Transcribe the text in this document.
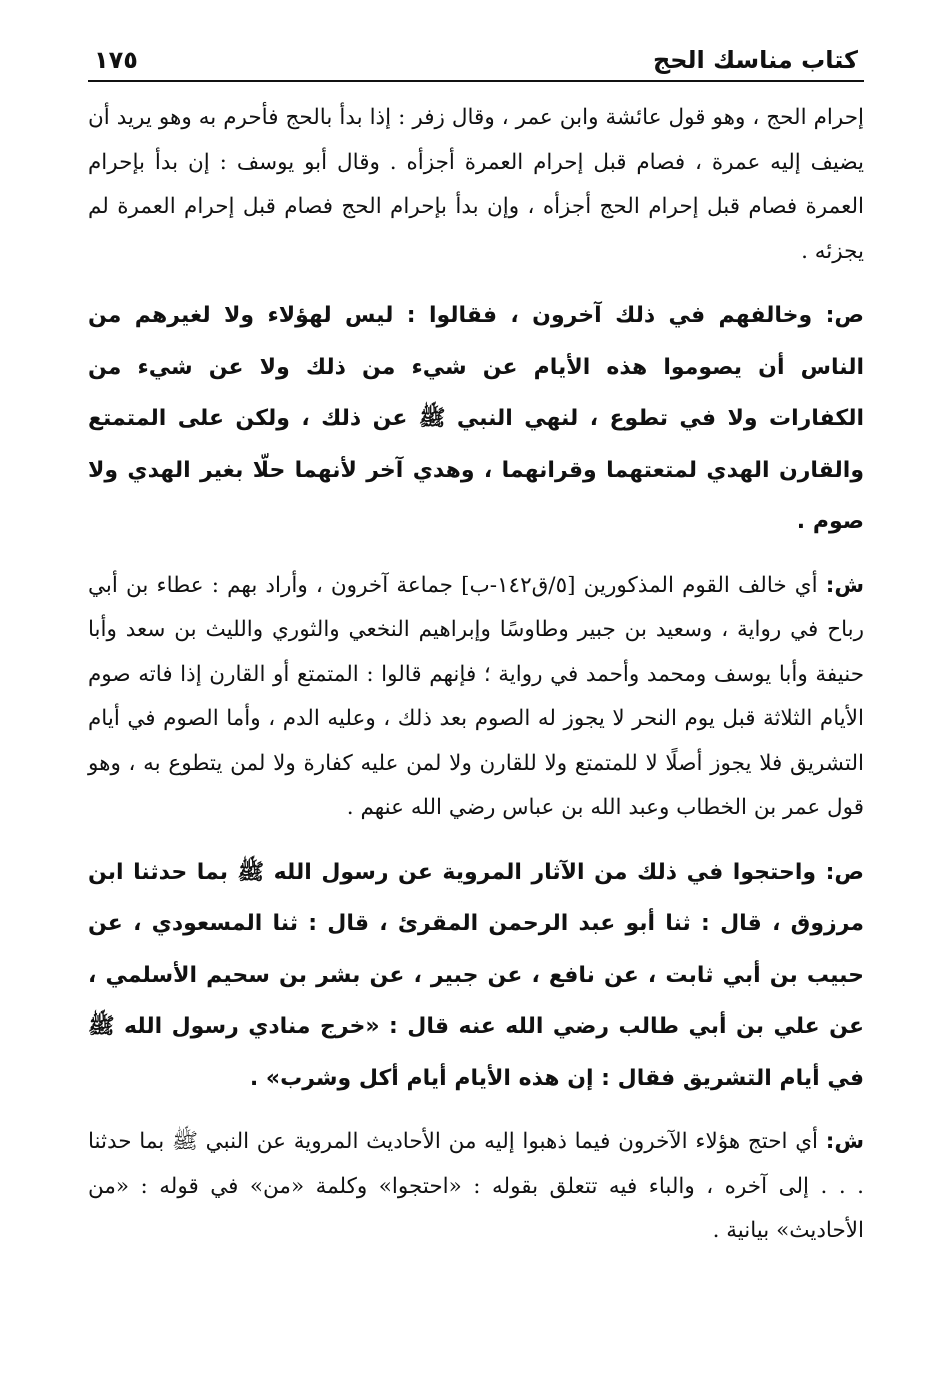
كتاب مناسك الحج
١٧٥

إحرام الحج ، وهو قول عائشة وابن عمر ، وقال زفر : إذا بدأ بالحج فأحرم به وهو يريد أن يضيف إليه عمرة ، فصام قبل إحرام العمرة أجزأه . وقال أبو يوسف : إن بدأ بإحرام العمرة فصام قبل إحرام الحج أجزأه ، وإن بدأ بإحرام الحج فصام قبل إحرام العمرة لم يجزئه .

ص: وخالفهم في ذلك آخرون ، فقالوا : ليس لهؤلاء ولا لغيرهم من الناس أن يصوموا هذه الأيام عن شيء من ذلك ولا عن شيء من الكفارات ولا في تطوع ، لنهي النبي ﷺ عن ذلك ، ولكن على المتمتع والقارن الهدي لمتعتهما وقرانهما ، وهدي آخر لأنهما حلّا بغير الهدي ولا صوم .

ش: أي خالف القوم المذكورين [٥/ق١٤٢-ب] جماعة آخرون ، وأراد بهم : عطاء بن أبي رباح في رواية ، وسعيد بن جبير وطاوسًا وإبراهيم النخعي والثوري والليث بن سعد وأبا حنيفة وأبا يوسف ومحمد وأحمد في رواية ؛ فإنهم قالوا : المتمتع أو القارن إذا فاته صوم الأيام الثلاثة قبل يوم النحر لا يجوز له الصوم بعد ذلك ، وعليه الدم ، وأما الصوم في أيام التشريق فلا يجوز أصلًا لا للمتمتع ولا للقارن ولا لمن عليه كفارة ولا لمن يتطوع به ، وهو قول عمر بن الخطاب وعبد الله بن عباس رضي الله عنهم .

ص: واحتجوا في ذلك من الآثار المروية عن رسول الله ﷺ بما حدثنا ابن مرزوق ، قال : ثنا أبو عبد الرحمن المقرئ ، قال : ثنا المسعودي ، عن حبيب بن أبي ثابت ، عن نافع ، عن جبير ، عن بشر بن سحيم الأسلمي ، عن علي بن أبي طالب رضي الله عنه قال : «خرج منادي رسول الله ﷺ في أيام التشريق فقال : إن هذه الأيام أيام أكل وشرب» .

ش: أي احتج هؤلاء الآخرون فيما ذهبوا إليه من الأحاديث المروية عن النبي ﷺ بما حدثنا . . . إلى آخره ، والباء فيه تتعلق بقوله : «احتجوا» وكلمة «من» في قوله : «من الأحاديث» بيانية .
